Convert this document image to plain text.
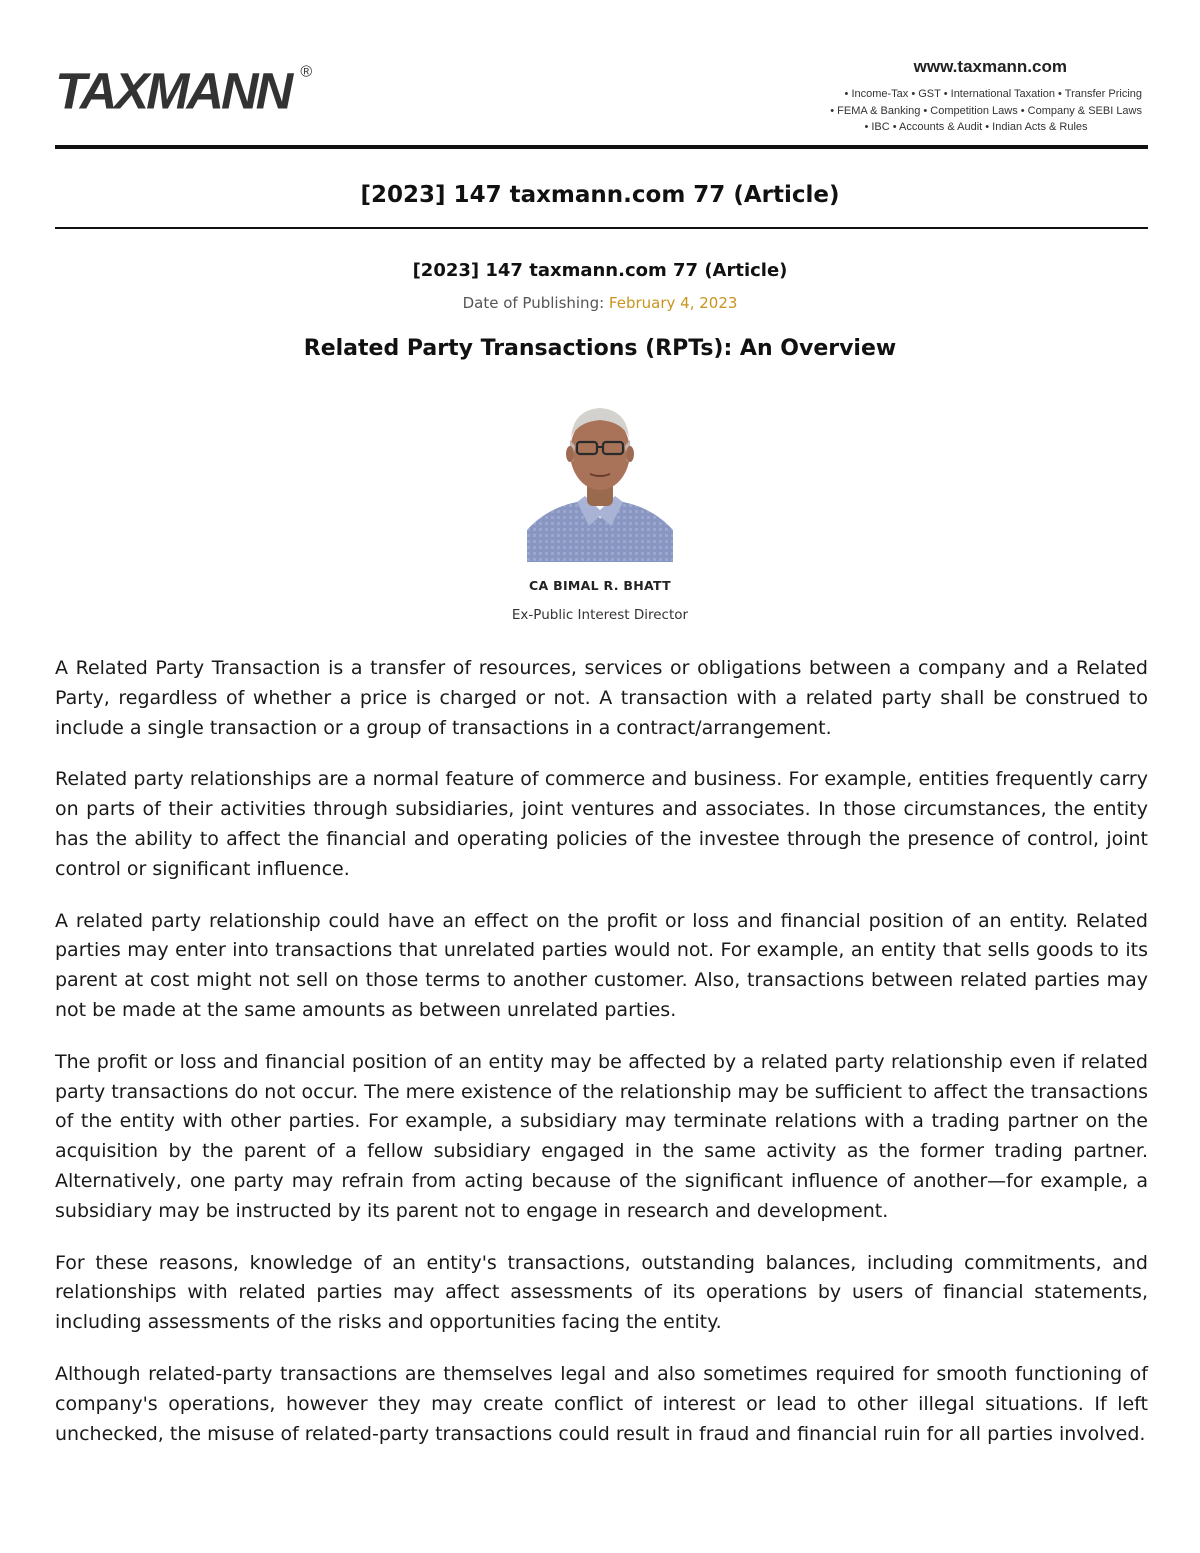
TAXMANN ®	www.taxmann.com
• Income-Tax • GST • International Taxation • Transfer Pricing
• FEMA & Banking • Competition Laws • Company & SEBI Laws
• IBC • Accounts & Audit • Indian Acts & Rules
[2023] 147 taxmann.com 77 (Article)
[2023] 147 taxmann.com 77 (Article)
Date of Publishing: February 4, 2023
Related Party Transactions (RPTs): An Overview
CA BIMAL R. BHATT
Ex-Public Interest Director

A Related Party Transaction is a transfer of resources, services or obligations between a company and a Related Party, regardless of whether a price is charged or not. A transaction with a related party shall be construed to include a single transaction or a group of transactions in a contract/arrangement.

Related party relationships are a normal feature of commerce and business. For example, entities frequently carry on parts of their activities through subsidiaries, joint ventures and associates. In those circumstances, the entity has the ability to affect the financial and operating policies of the investee through the presence of control, joint control or significant influence.

A related party relationship could have an effect on the profit or loss and financial position of an entity. Related parties may enter into transactions that unrelated parties would not. For example, an entity that sells goods to its parent at cost might not sell on those terms to another customer. Also, transactions between related parties may not be made at the same amounts as between unrelated parties.

The profit or loss and financial position of an entity may be affected by a related party relationship even if related party transactions do not occur. The mere existence of the relationship may be sufficient to affect the transactions of the entity with other parties. For example, a subsidiary may terminate relations with a trading partner on the acquisition by the parent of a fellow subsidiary engaged in the same activity as the former trading partner. Alternatively, one party may refrain from acting because of the significant influence of another—for example, a subsidiary may be instructed by its parent not to engage in research and development.

For these reasons, knowledge of an entity's transactions, outstanding balances, including commitments, and relationships with related parties may affect assessments of its operations by users of financial statements, including assessments of the risks and opportunities facing the entity.

Although related-party transactions are themselves legal and also sometimes required for smooth functioning of company's operations, however they may create conflict of interest or lead to other illegal situations. If left unchecked, the misuse of related-party transactions could result in fraud and financial ruin for all parties involved.
